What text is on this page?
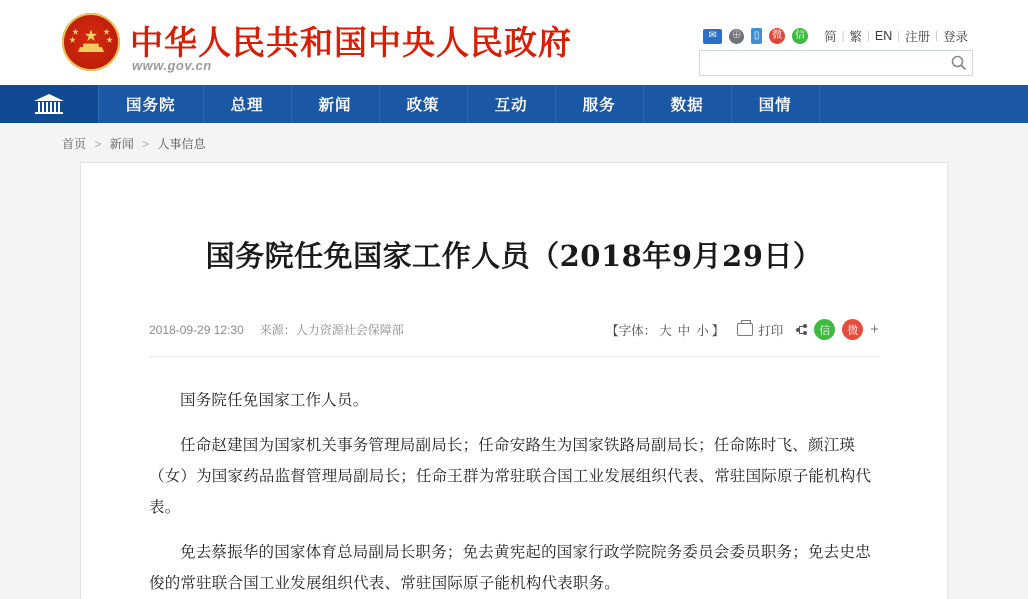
★
★
★
★
★ 中华人民共和国中央人民政府
www.gov.cn
✉	⊕ ▯	微	信	简 | 繁 | EN | 注册 | 登录
国务院	总理	新闻	政策	互动	服务	数据	国情
首页 > 新闻 > 人事信息
国务院任免国家工作人员（2018年9月29日）
2018-09-29 12:30 来源：人力资源社会保障部	【字体： 大 中 小 】	打印	信	微 +

国务院任免国家工作人员。

任命赵建国为国家机关事务管理局副局长；任命安路生为国家铁路局副局长；任命陈时飞、颜江瑛（女）为国家药品监督管理局副局长；任命王群为常驻联合国工业发展组织代表、常驻国际原子能机构代表。

免去蔡振华的国家体育总局副局长职务；免去黄宪起的国家行政学院院务委员会委员职务；免去史忠俊的常驻联合国工业发展组织代表、常驻国际原子能机构代表职务。
